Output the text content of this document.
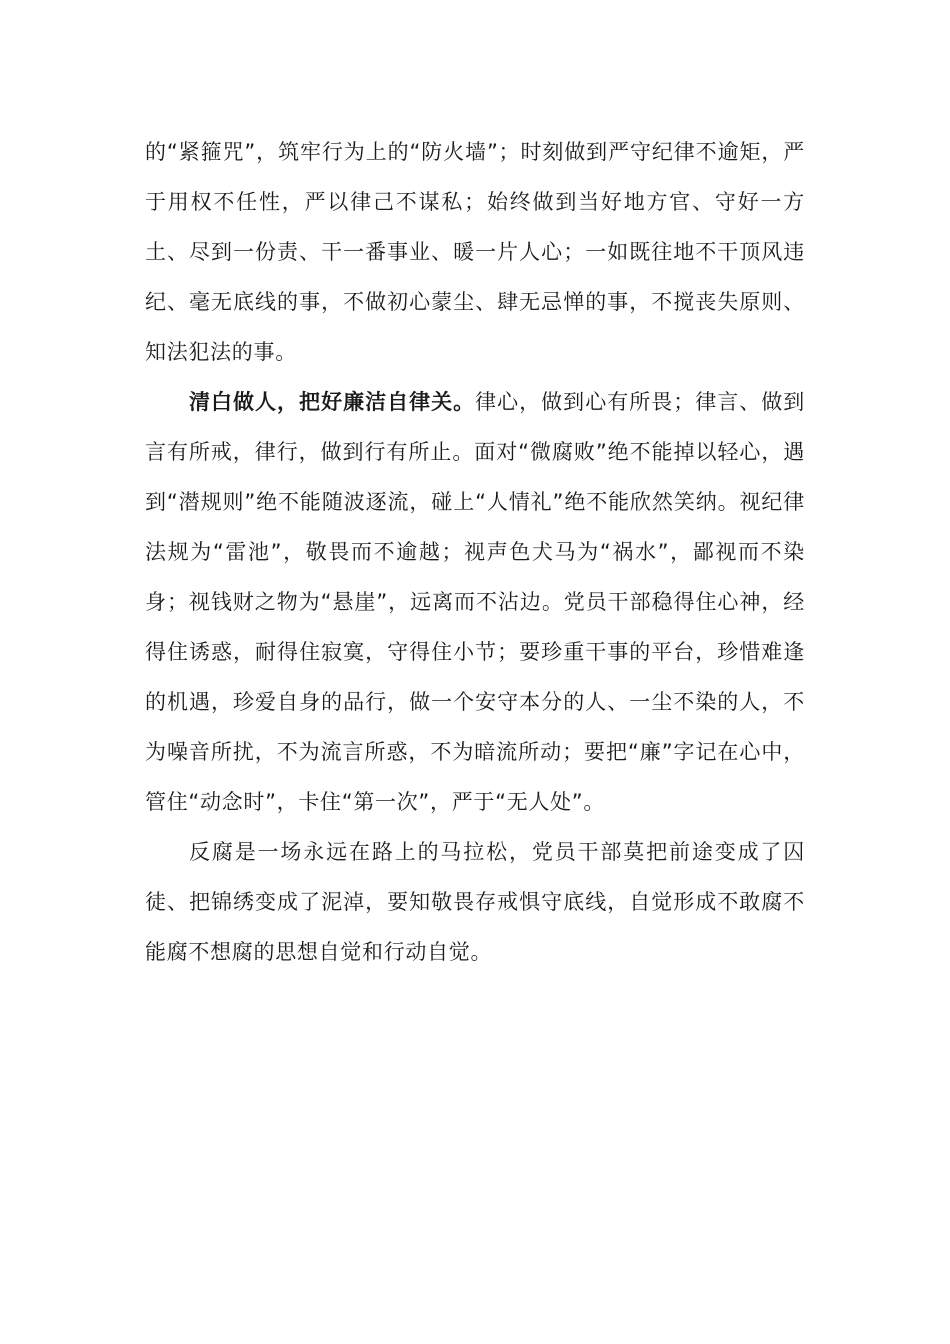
的“紧箍咒”，筑牢行为上的“防火墙”；时刻做到严守纪律不逾矩，严于用权不任性，严以律己不谋私；始终做到当好地方官、守好一方土、尽到一份责、干一番事业、暖一片人心；一如既往地不干顶风违纪、毫无底线的事，不做初心蒙尘、肆无忌惮的事，不搅丧失原则、知法犯法的事。

清白做人，把好廉洁自律关。律心，做到心有所畏；律言、做到言有所戒，律行，做到行有所止。面对“微腐败”绝不能掉以轻心，遇到“潜规则”绝不能随波逐流，碰上“人情礼”绝不能欣然笑纳。视纪律法规为“雷池”，敬畏而不逾越；视声色犬马为“祸水”，鄙视而不染身；视钱财之物为“悬崖”，远离而不沾边。党员干部稳得住心神，经得住诱惑，耐得住寂寞，守得住小节；要珍重干事的平台，珍惜难逢的机遇，珍爱自身的品行，做一个安守本分的人、一尘不染的人，不为噪音所扰，不为流言所惑，不为暗流所动；要把“廉”字记在心中，管住“动念时”，卡住“第一次”，严于“无人处”。

反腐是一场永远在路上的马拉松，党员干部莫把前途变成了囚徒、把锦绣变成了泥淖，要知敬畏存戒惧守底线，自觉形成不敢腐不能腐不想腐的思想自觉和行动自觉。
